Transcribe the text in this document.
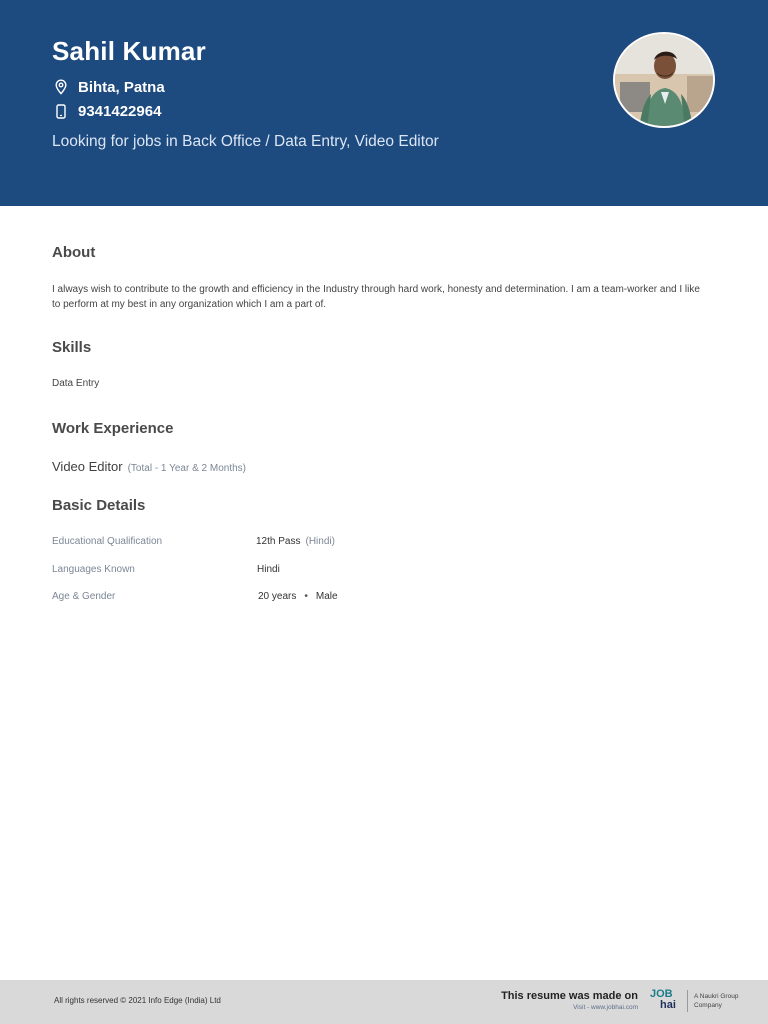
Sahil Kumar
Bihta, Patna
9341422964
Looking for jobs in Back Office / Data Entry, Video Editor
About
I always wish to contribute to the growth and efficiency in the Industry through hard work, honesty and determination. I am a team-worker and I like to perform at my best in any organization which I am a part of.
Skills
Data Entry
Work Experience
Video Editor (Total - 1 Year & 2 Months)
Basic Details
Educational Qualification	12th Pass (Hindi)
Languages Known	Hindi
Age & Gender	20 years • Male
All rights reserved © 2021 Info Edge (India) Ltd	This resume was made on
Visit - www.jobhai.com
JOB
hai
A Naukri Group
Company
